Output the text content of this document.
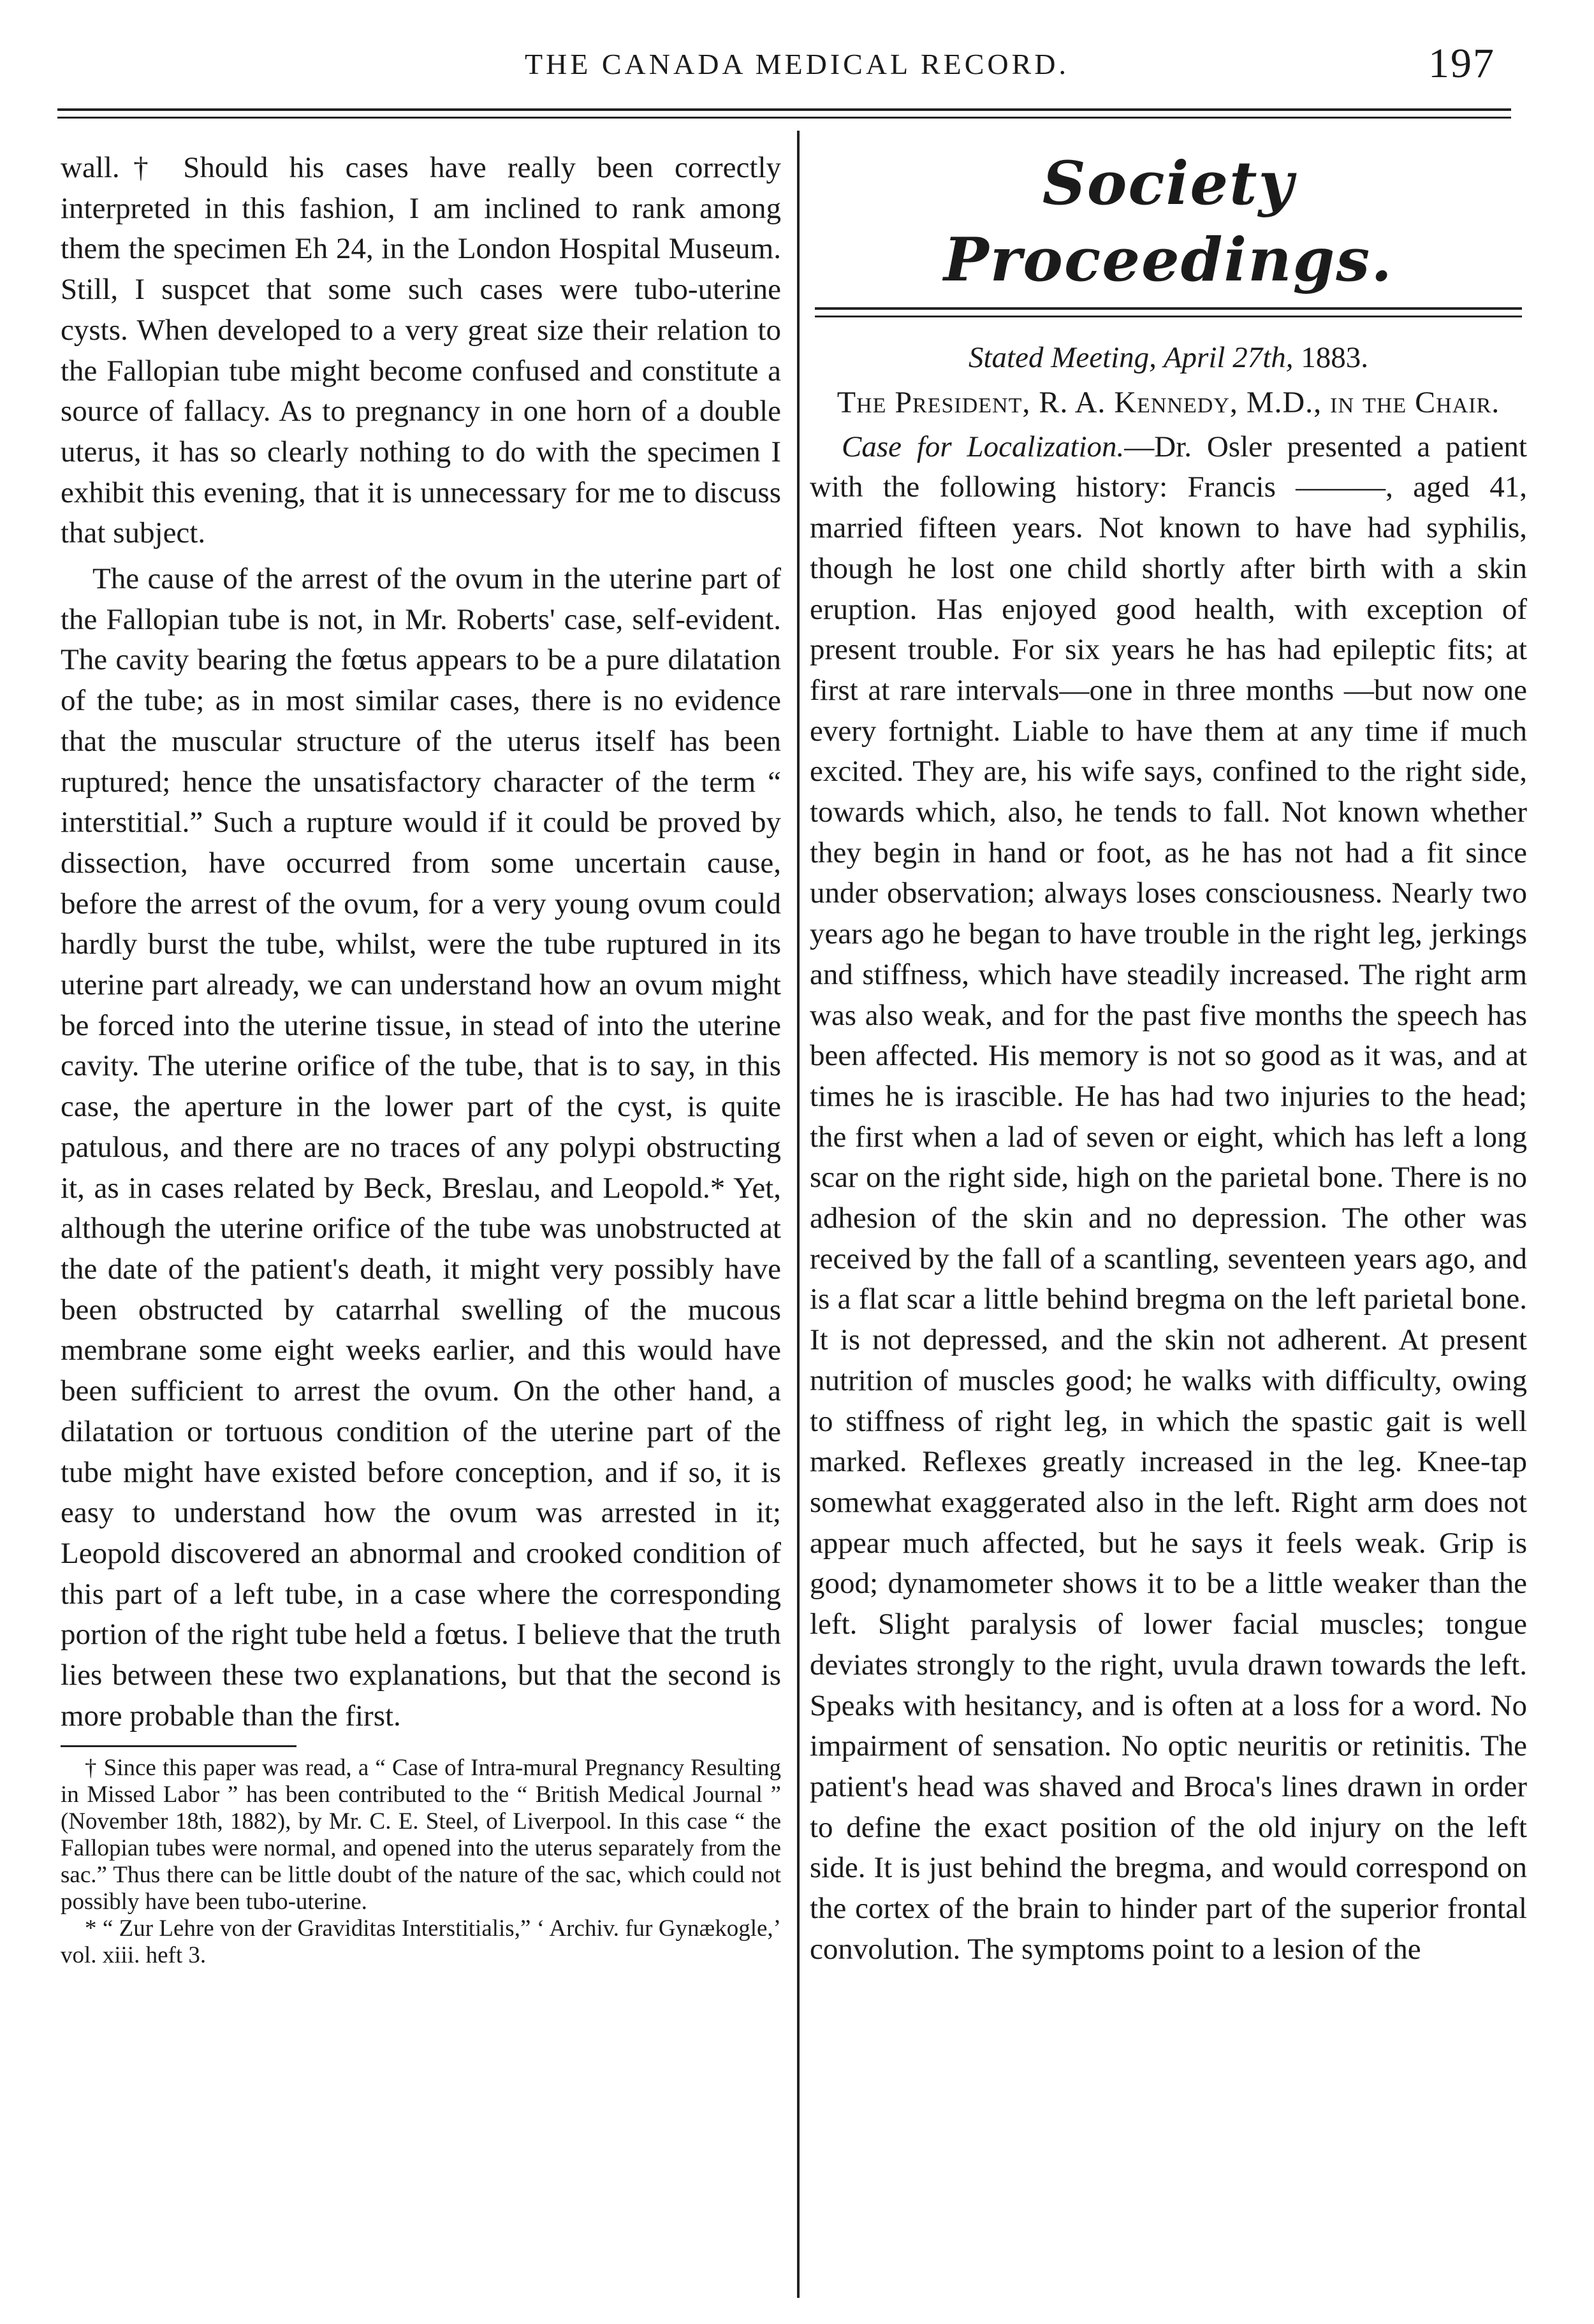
THE CANADA MEDICAL RECORD.	197

wall.† Should his cases have really been correctly interpreted in this fashion, I am inclined to rank among them the specimen Eh 24, in the London Hospital Museum. Still, I suspcet that some such cases were tubo-uterine cysts. When developed to a very great size their relation to the Fallopian tube might become confused and constitute a source of fallacy. As to pregnancy in one horn of a double uterus, it has so clearly nothing to do with the specimen I exhibit this evening, that it is unnecessary for me to discuss that subject.

The cause of the arrest of the ovum in the uterine part of the Fallopian tube is not, in Mr. Roberts' case, self-evident. The cavity bearing the fœtus appears to be a pure dilatation of the tube; as in most similar cases, there is no evidence that the muscular structure of the uterus itself has been ruptured; hence the unsatisfactory character of the term “ interstitial.” Such a rupture would if it could be proved by dissection, have occurred from some uncertain cause, before the arrest of the ovum, for a very young ovum could hardly burst the tube, whilst, were the tube ruptured in its uterine part already, we can understand how an ovum might be forced into the uterine tissue, in stead of into the uterine cavity. The uterine orifice of the tube, that is to say, in this case, the aperture in the lower part of the cyst, is quite patulous, and there are no traces of any polypi obstructing it, as in cases related by Beck, Breslau, and Leopold.* Yet, although the uterine orifice of the tube was unobstructed at the date of the patient's death, it might very possibly have been obstructed by catarrhal swelling of the mucous membrane some eight weeks earlier, and this would have been sufficient to arrest the ovum. On the other hand, a dilatation or tortuous condition of the uterine part of the tube might have existed before conception, and if so, it is easy to understand how the ovum was arrested in it; Leopold discovered an abnormal and crooked condition of this part of a left tube, in a case where the corresponding portion of the right tube held a fœtus. I believe that the truth lies between these two explanations, but that the second is more probable than the first.

† Since this paper was read, a “ Case of Intra-mural Pregnancy Resulting in Missed Labor ” has been contributed to the “ British Medical Journal ” (November 18th, 1882), by Mr. C. E. Steel, of Liverpool. In this case “ the Fallopian tubes were normal, and opened into the uterus separately from the sac.” Thus there can be little doubt of the nature of the sac, which could not possibly have been tubo-uterine.

* “ Zur Lehre von der Graviditas Interstitialis,” ‘ Archiv. fur Gynækogle,’ vol. xiii. heft 3.

Society Proceedings.

Stated Meeting, April 27th, 1883.

The President, R. A. Kennedy, M.D., in the Chair.

Case for Localization.—Dr. Osler presented a patient with the following history: Francis ———, aged 41, married fifteen years. Not known to have had syphilis, though he lost one child shortly after birth with a skin eruption. Has enjoyed good health, with exception of present trouble. For six years he has had epileptic fits; at first at rare intervals—one in three months —but now one every fortnight. Liable to have them at any time if much excited. They are, his wife says, confined to the right side, towards which, also, he tends to fall. Not known whether they begin in hand or foot, as he has not had a fit since under observation; always loses consciousness. Nearly two years ago he began to have trouble in the right leg, jerkings and stiffness, which have steadily increased. The right arm was also weak, and for the past five months the speech has been affected. His memory is not so good as it was, and at times he is irascible. He has had two injuries to the head; the first when a lad of seven or eight, which has left a long scar on the right side, high on the parietal bone. There is no adhesion of the skin and no depression. The other was received by the fall of a scantling, seventeen years ago, and is a flat scar a little behind bregma on the left parietal bone. It is not depressed, and the skin not adherent. At present nutrition of muscles good; he walks with difficulty, owing to stiffness of right leg, in which the spastic gait is well marked. Reflexes greatly increased in the leg. Knee-tap somewhat exaggerated also in the left. Right arm does not appear much affected, but he says it feels weak. Grip is good; dynamometer shows it to be a little weaker than the left. Slight paralysis of lower facial muscles; tongue deviates strongly to the right, uvula drawn towards the left. Speaks with hesitancy, and is often at a loss for a word. No impairment of sensation. No optic neuritis or retinitis. The patient's head was shaved and Broca's lines drawn in order to define the exact position of the old injury on the left side. It is just behind the bregma, and would correspond on the cortex of the brain to hinder part of the superior frontal convolution. The symptoms point to a lesion of the
